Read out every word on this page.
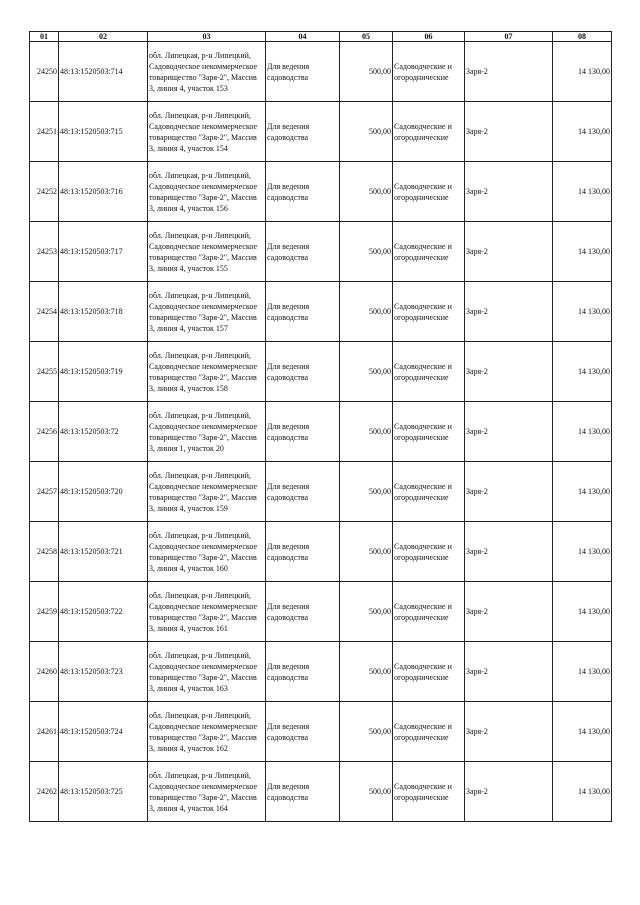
01	02	03	04	05	06	07	08
24250	48:13:1520503:714	обл. Липецкая, р-н Липецкий, Садоводческое некоммерческое товарищество "Заря-2", Массив 3, линия 4, участок 153	Для ведения садоводства	500,00	Садоводческие и огороднические	Заря-2	14 130,00
24251	48:13:1520503:715	обл. Липецкая, р-н Липецкий, Садоводческое некоммерческое товарищество "Заря-2", Массив 3, линия 4, участок 154	Для ведения садоводства	500,00	Садоводческие и огороднические	Заря-2	14 130,00
24252	48:13:1520503:716	обл. Липецкая, р-н Липецкий, Садоводческое некоммерческое товарищество "Заря-2", Массив 3, линия 4, участок 156	Для ведения садоводства	500,00	Садоводческие и огороднические	Заря-2	14 130,00
24253	48:13:1520503:717	обл. Липецкая, р-н Липецкий, Садоводческое некоммерческое товарищество "Заря-2", Массив 3, линия 4, участок 155	Для ведения садоводства	500,00	Садоводческие и огороднические	Заря-2	14 130,00
24254	48:13:1520503:718	обл. Липецкая, р-н Липецкий, Садоводческое некоммерческое товарищество "Заря-2", Массив 3, линия 4, участок 157	Для ведения садоводства	500,00	Садоводческие и огороднические	Заря-2	14 130,00
24255	48:13:1520503:719	обл. Липецкая, р-н Липецкий, Садоводческое некоммерческое товарищество "Заря-2", Массив 3, линия 4, участок 158	Для ведения садоводства	500,00	Садоводческие и огороднические	Заря-2	14 130,00
24256	48:13:1520503:72	обл. Липецкая, р-н Липецкий, Садоводческое некоммерческое товарищество "Заря-2", Массив 3, линия 1, участок 20	Для ведения садоводства	500,00	Садоводческие и огороднические	Заря-2	14 130,00
24257	48:13:1520503:720	обл. Липецкая, р-н Липецкий, Садоводческое некоммерческое товарищество "Заря-2", Массив 3, линия 4, участок 159	Для ведения садоводства	500,00	Садоводческие и огороднические	Заря-2	14 130,00
24258	48:13:1520503:721	обл. Липецкая, р-н Липецкий, Садоводческое некоммерческое товарищество "Заря-2", Массив 3, линия 4, участок 160	Для ведения садоводства	500,00	Садоводческие и огороднические	Заря-2	14 130,00
24259	48:13:1520503:722	обл. Липецкая, р-н Липецкий, Садоводческое некоммерческое товарищество "Заря-2", Массив 3, линия 4, участок 161	Для ведения садоводства	500,00	Садоводческие и огороднические	Заря-2	14 130,00
24260	48:13:1520503:723	обл. Липецкая, р-н Липецкий, Садоводческое некоммерческое товарищество "Заря-2", Массив 3, линия 4, участок 163	Для ведения садоводства	500,00	Садоводческие и огороднические	Заря-2	14 130,00
24261	48:13:1520503:724	обл. Липецкая, р-н Липецкий, Садоводческое некоммерческое товарищество "Заря-2", Массив 3, линия 4, участок 162	Для ведения садоводства	500,00	Садоводческие и огороднические	Заря-2	14 130,00
24262	48:13:1520503:725	обл. Липецкая, р-н Липецкий, Садоводческое некоммерческое товарищество "Заря-2", Массив 3, линия 4, участок 164	Для ведения садоводства	500,00	Садоводческие и огороднические	Заря-2	14 130,00
